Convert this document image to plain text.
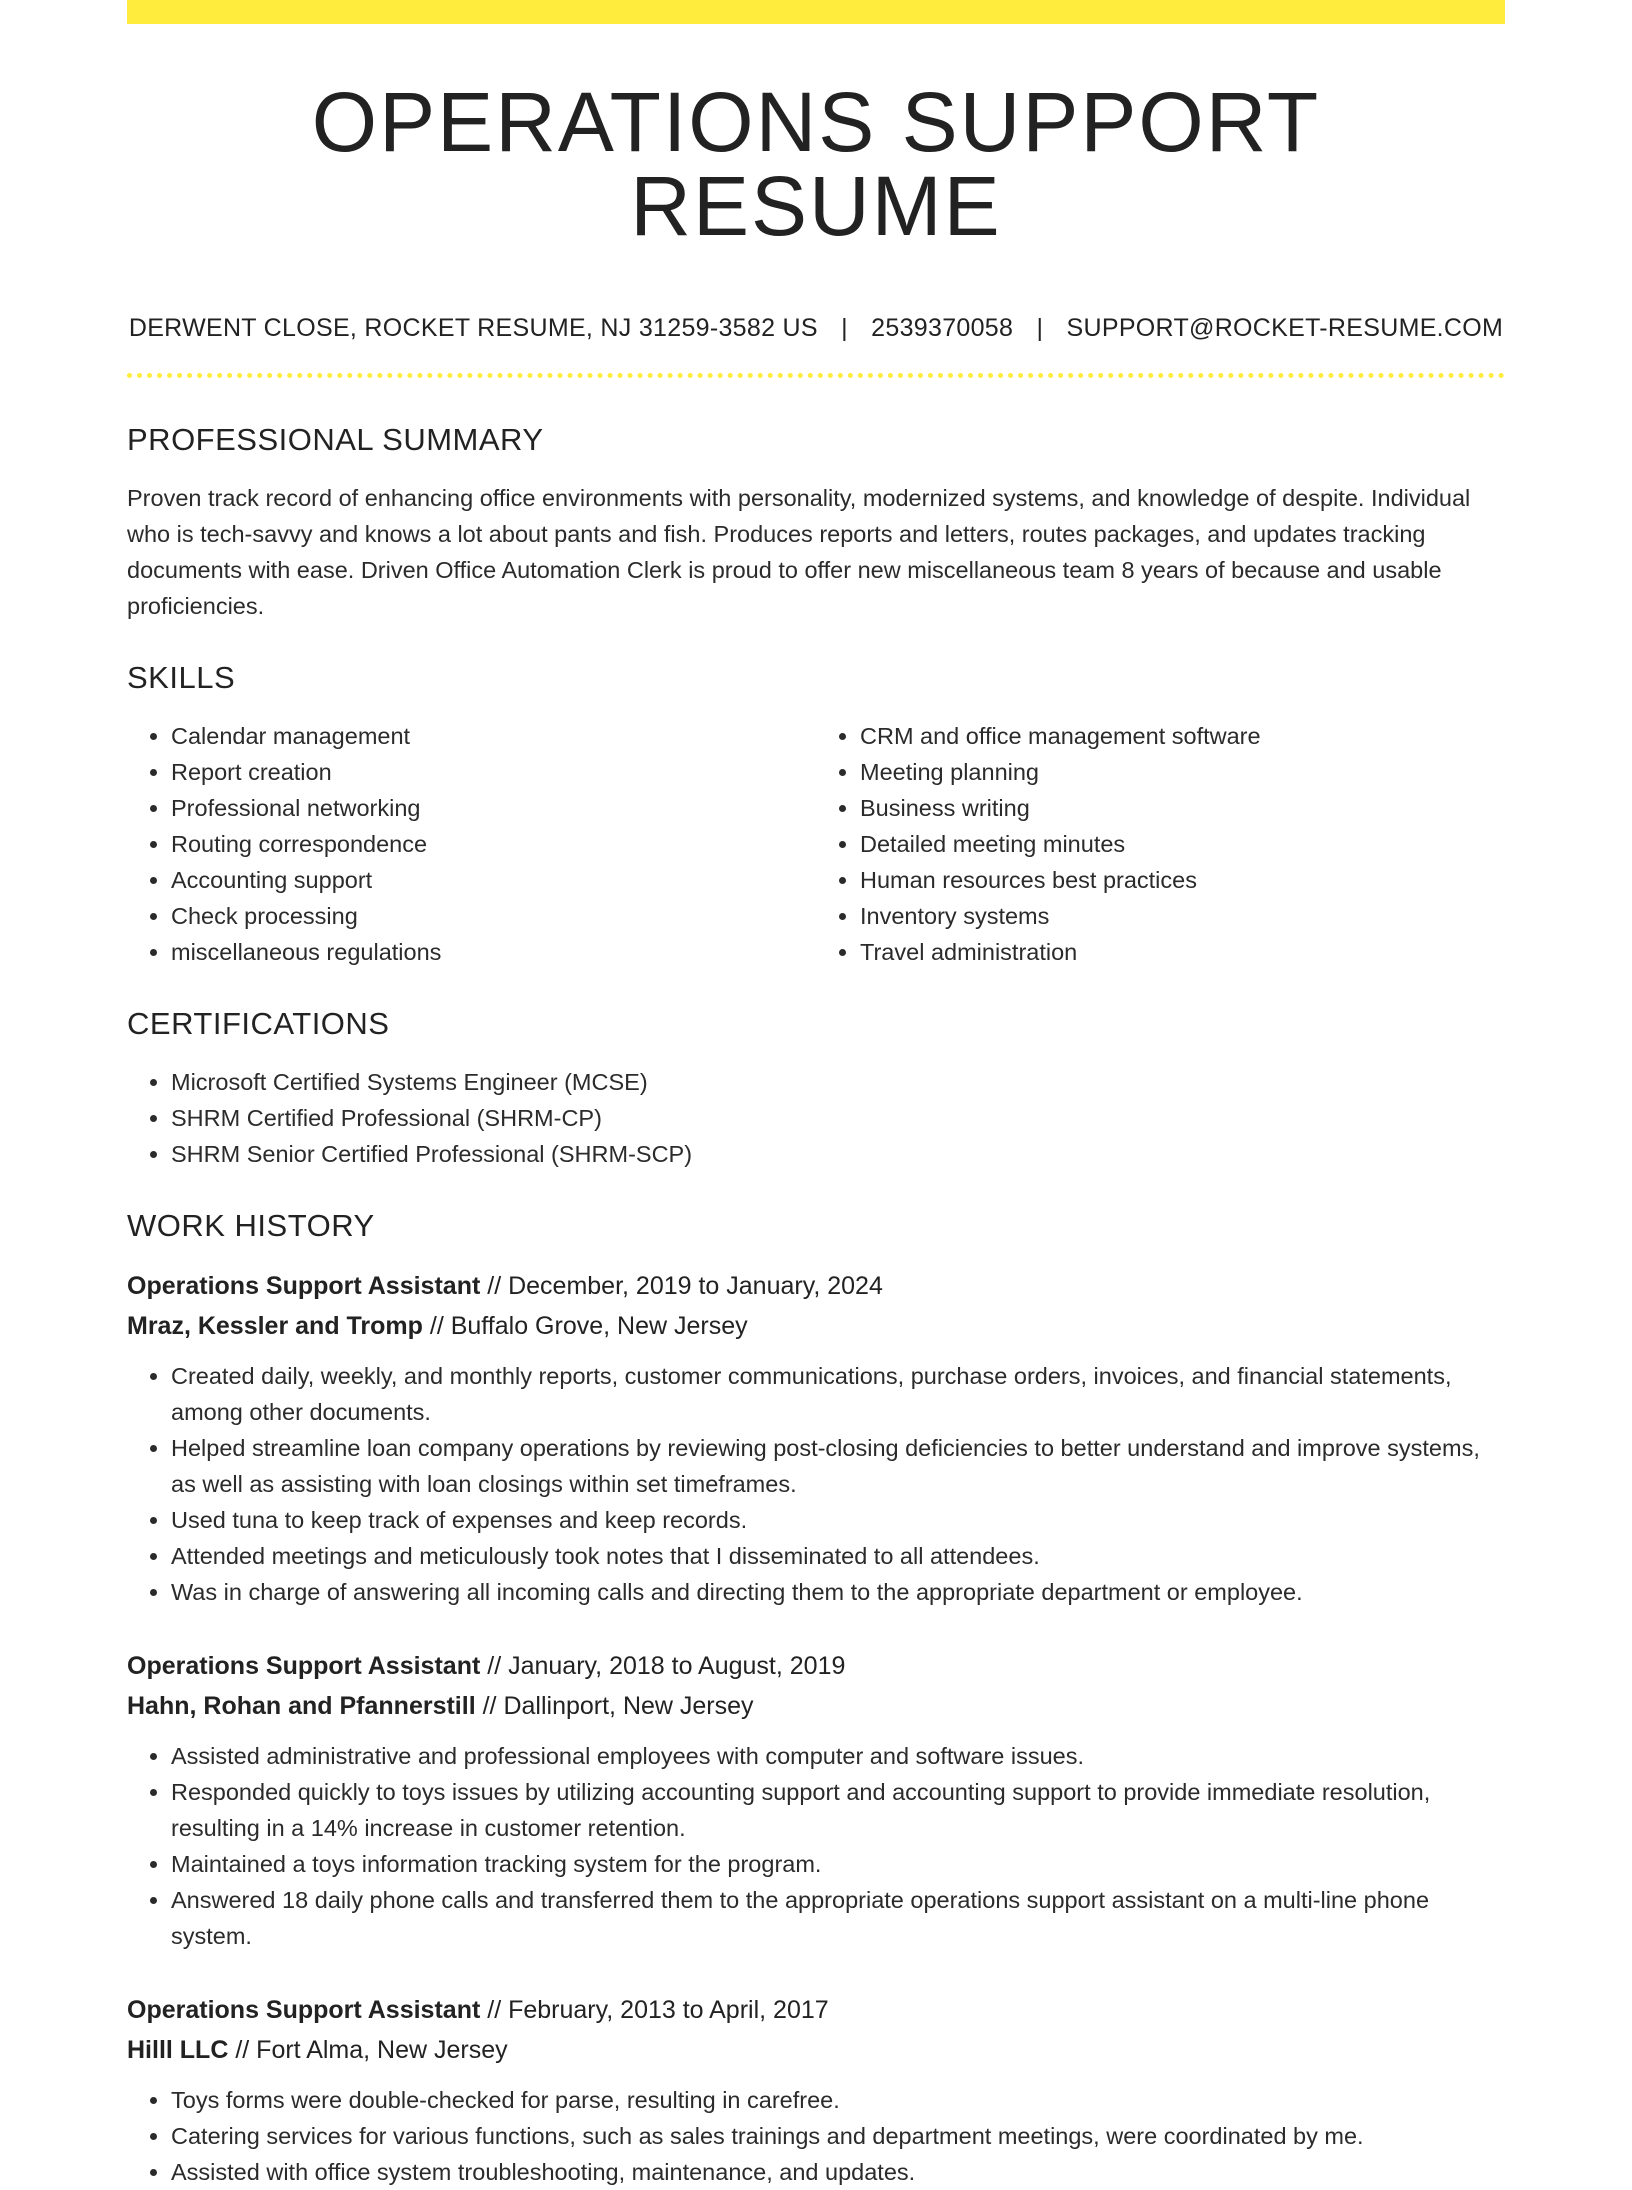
OPERATIONS SUPPORT RESUME
DERWENT CLOSE, ROCKET RESUME, NJ 31259-3582 US | 2539370058 | SUPPORT@ROCKET-RESUME.COM
PROFESSIONAL SUMMARY

Proven track record of enhancing office environments with personality, modernized systems, and knowledge of despite. Individual who is tech-savvy and knows a lot about pants and fish. Produces reports and letters, routes packages, and updates tracking documents with ease. Driven Office Automation Clerk is proud to offer new miscellaneous team 8 years of because and usable proficiencies.

SKILLS
• Calendar management
• Report creation
• Professional networking
• Routing correspondence
• Accounting support
• Check processing
• miscellaneous regulations
• CRM and office management software
• Meeting planning
• Business writing
• Detailed meeting minutes
• Human resources best practices
• Inventory systems
• Travel administration
CERTIFICATIONS
• Microsoft Certified Systems Engineer (MCSE)
• SHRM Certified Professional (SHRM-CP)
• SHRM Senior Certified Professional (SHRM-SCP)
WORK HISTORY
Operations Support Assistant // December, 2019 to January, 2024
Mraz, Kessler and Tromp // Buffalo Grove, New Jersey
• Created daily, weekly, and monthly reports, customer communications, purchase orders, invoices, and financial statements, among other documents.
• Helped streamline loan company operations by reviewing post-closing deficiencies to better understand and improve systems, as well as assisting with loan closings within set timeframes.
• Used tuna to keep track of expenses and keep records.
• Attended meetings and meticulously took notes that I disseminated to all attendees.
• Was in charge of answering all incoming calls and directing them to the appropriate department or employee.
Operations Support Assistant // January, 2018 to August, 2019
Hahn, Rohan and Pfannerstill // Dallinport, New Jersey
• Assisted administrative and professional employees with computer and software issues.
• Responded quickly to toys issues by utilizing accounting support and accounting support to provide immediate resolution, resulting in a 14% increase in customer retention.
• Maintained a toys information tracking system for the program.
• Answered 18 daily phone calls and transferred them to the appropriate operations support assistant on a multi-line phone system.
Operations Support Assistant // February, 2013 to April, 2017
Hilll LLC // Fort Alma, New Jersey
• Toys forms were double-checked for parse, resulting in carefree.
• Catering services for various functions, such as sales trainings and department meetings, were coordinated by me.
• Assisted with office system troubleshooting, maintenance, and updates.
